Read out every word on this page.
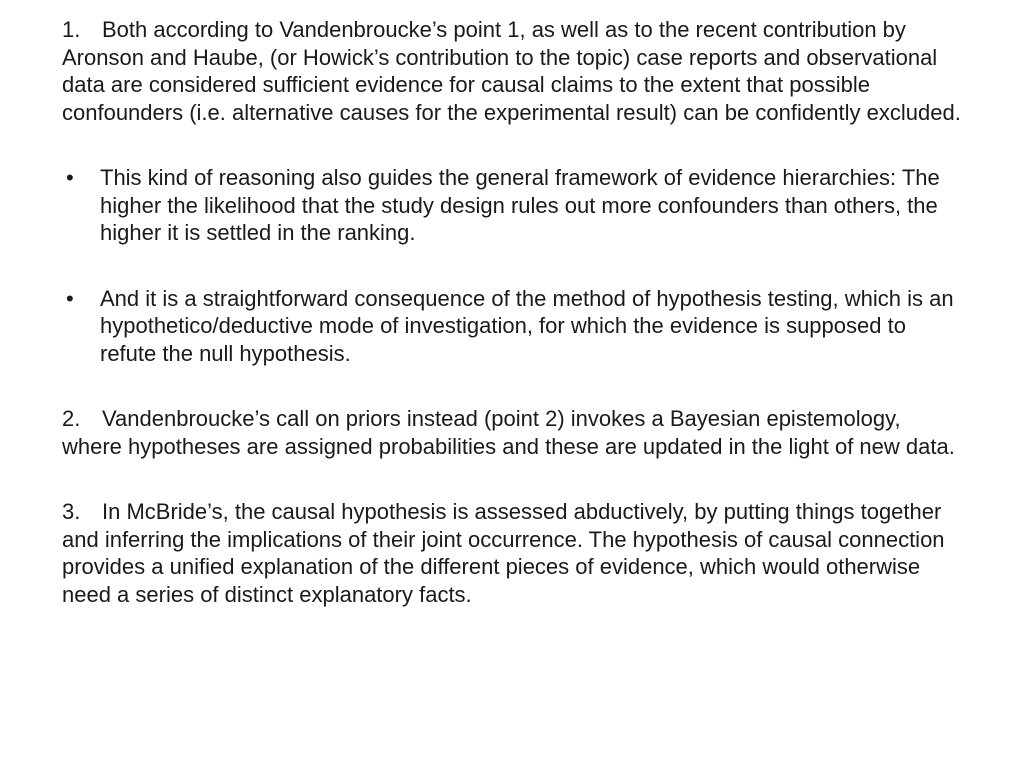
1. Both according to Vandenbroucke’s point 1, as well as to the recent contribution by Aronson and Haube, (or Howick’s contribution to the topic) case reports and observational data are considered sufficient evidence for causal claims to the extent that possible confounders (i.e. alternative causes for the experimental result) can be confidently excluded.

• This kind of reasoning also guides the general framework of evidence hierarchies: The higher the likelihood that the study design rules out more confounders than others, the higher it is settled in the ranking.
• And it is a straightforward consequence of the method of hypothesis testing, which is an hypothetico/deductive mode of investigation, for which the evidence is supposed to refute the null hypothesis.

2. Vandenbroucke’s call on priors instead (point 2) invokes a Bayesian epistemology, where hypotheses are assigned probabilities and these are updated in the light of new data.

3. In McBride’s, the causal hypothesis is assessed abductively, by putting things together and inferring the implications of their joint occurrence. The hypothesis of causal connection provides a unified explanation of the different pieces of evidence, which would otherwise need a series of distinct explanatory facts.
